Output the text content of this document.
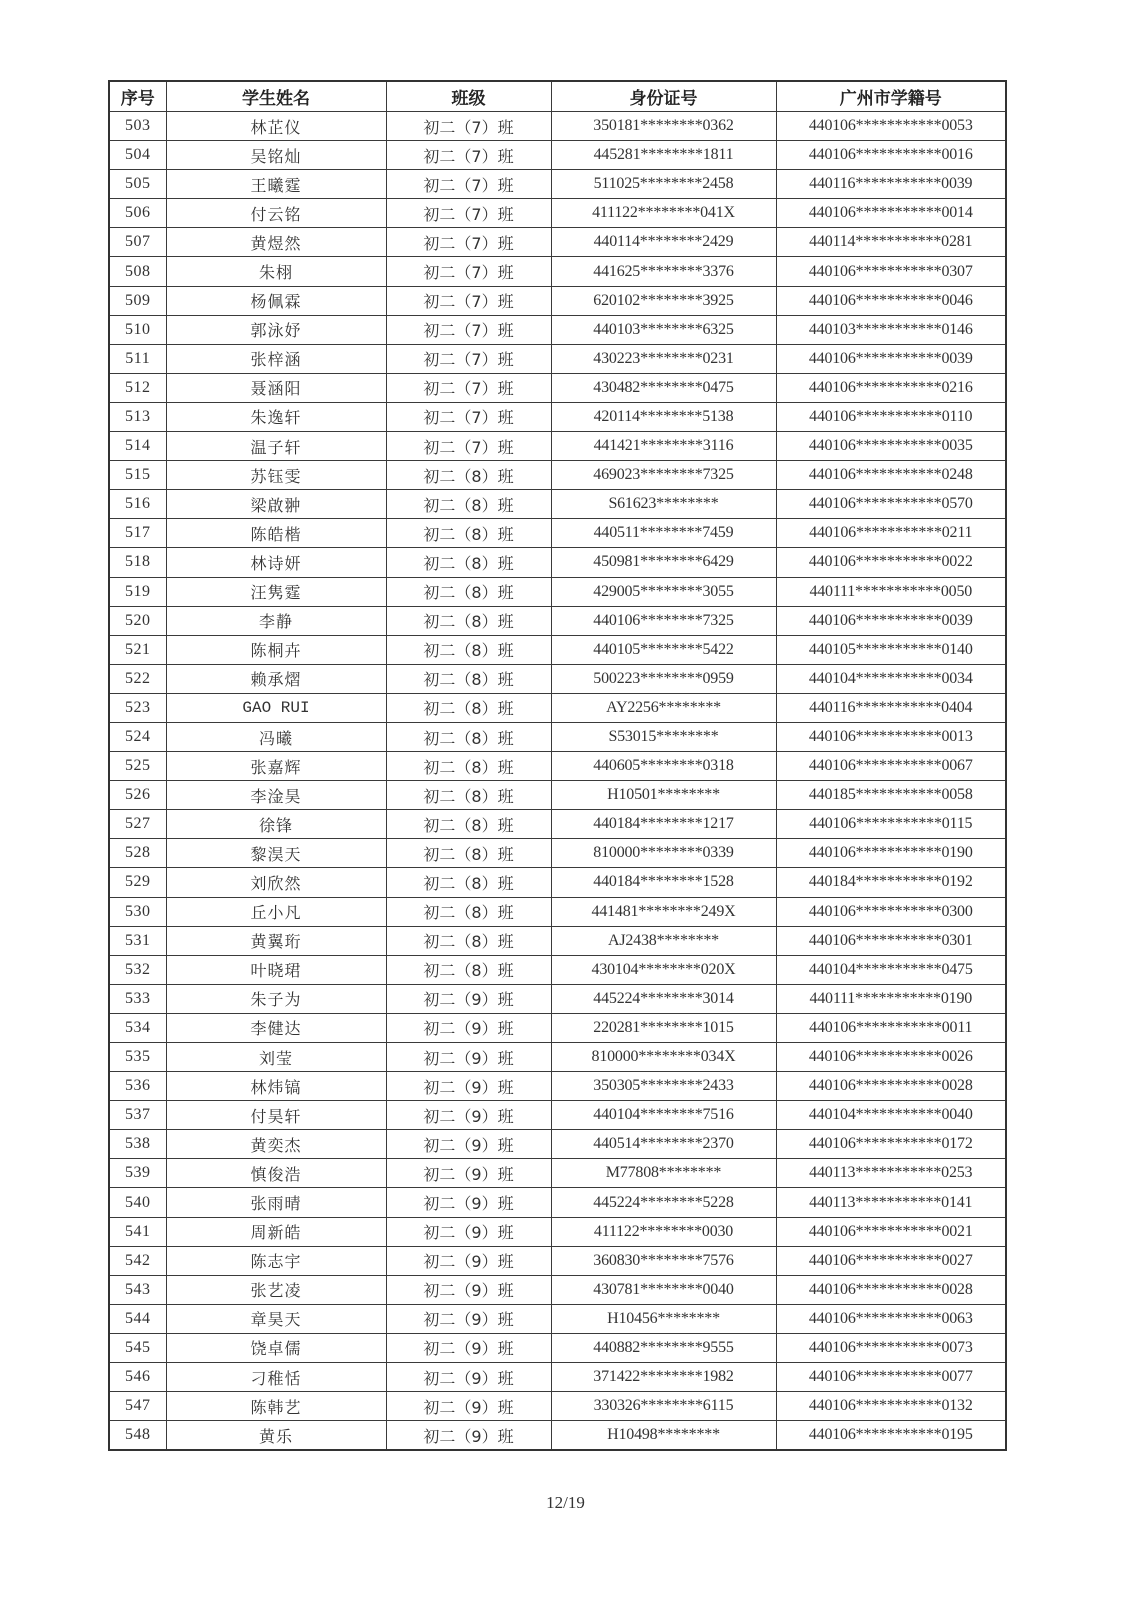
序号	学生姓名	班级	身份证号	广州市学籍号
503	林芷仪	初二（7）班	350181********0362	440106***********0053
504	吴铭灿	初二（7）班	445281********1811	440106***********0016
505	王曦霆	初二（7）班	511025********2458	440116***********0039
506	付云铭	初二（7）班	411122********041X	440106***********0014
507	黄煜然	初二（7）班	440114********2429	440114***********0281
508	朱栩	初二（7）班	441625********3376	440106***********0307
509	杨佩霖	初二（7）班	620102********3925	440106***********0046
510	郭泳妤	初二（7）班	440103********6325	440103***********0146
511	张梓涵	初二（7）班	430223********0231	440106***********0039
512	聂涵阳	初二（7）班	430482********0475	440106***********0216
513	朱逸轩	初二（7）班	420114********5138	440106***********0110
514	温子轩	初二（7）班	441421********3116	440106***********0035
515	苏钰雯	初二（8）班	469023********7325	440106***********0248
516	梁啟翀	初二（8）班	S61623********	440106***********0570
517	陈皓楷	初二（8）班	440511********7459	440106***********0211
518	林诗妍	初二（8）班	450981********6429	440106***********0022
519	汪隽霆	初二（8）班	429005********3055	440111***********0050
520	李静	初二（8）班	440106********7325	440106***********0039
521	陈桐卉	初二（8）班	440105********5422	440105***********0140
522	赖承熠	初二（8）班	500223********0959	440104***********0034
523	GAO RUI	初二（8）班	AY2256********	440116***********0404
524	冯曦	初二（8）班	S53015********	440106***********0013
525	张嘉辉	初二（8）班	440605********0318	440106***********0067
526	李淦昊	初二（8）班	H10501********	440185***********0058
527	徐锋	初二（8）班	440184********1217	440106***********0115
528	黎淏天	初二（8）班	810000********0339	440106***********0190
529	刘欣然	初二（8）班	440184********1528	440184***********0192
530	丘小凡	初二（8）班	441481********249X	440106***********0300
531	黄翼珩	初二（8）班	AJ2438********	440106***********0301
532	叶晓珺	初二（8）班	430104********020X	440104***********0475
533	朱子为	初二（9）班	445224********3014	440111***********0190
534	李健达	初二（9）班	220281********1015	440106***********0011
535	刘莹	初二（9）班	810000********034X	440106***********0026
536	林炜镐	初二（9）班	350305********2433	440106***********0028
537	付昊轩	初二（9）班	440104********7516	440104***********0040
538	黄奕杰	初二（9）班	440514********2370	440106***********0172
539	慎俊浩	初二（9）班	M77808********	440113***********0253
540	张雨晴	初二（9）班	445224********5228	440113***********0141
541	周新皓	初二（9）班	411122********0030	440106***********0021
542	陈志宇	初二（9）班	360830********7576	440106***********0027
543	张艺凌	初二（9）班	430781********0040	440106***********0028
544	章昊天	初二（9）班	H10456********	440106***********0063
545	饶卓儒	初二（9）班	440882********9555	440106***********0073
546	刁稚恬	初二（9）班	371422********1982	440106***********0077
547	陈韩艺	初二（9）班	330326********6115	440106***********0132
548	黄乐	初二（9）班	H10498********	440106***********0195
12/19
